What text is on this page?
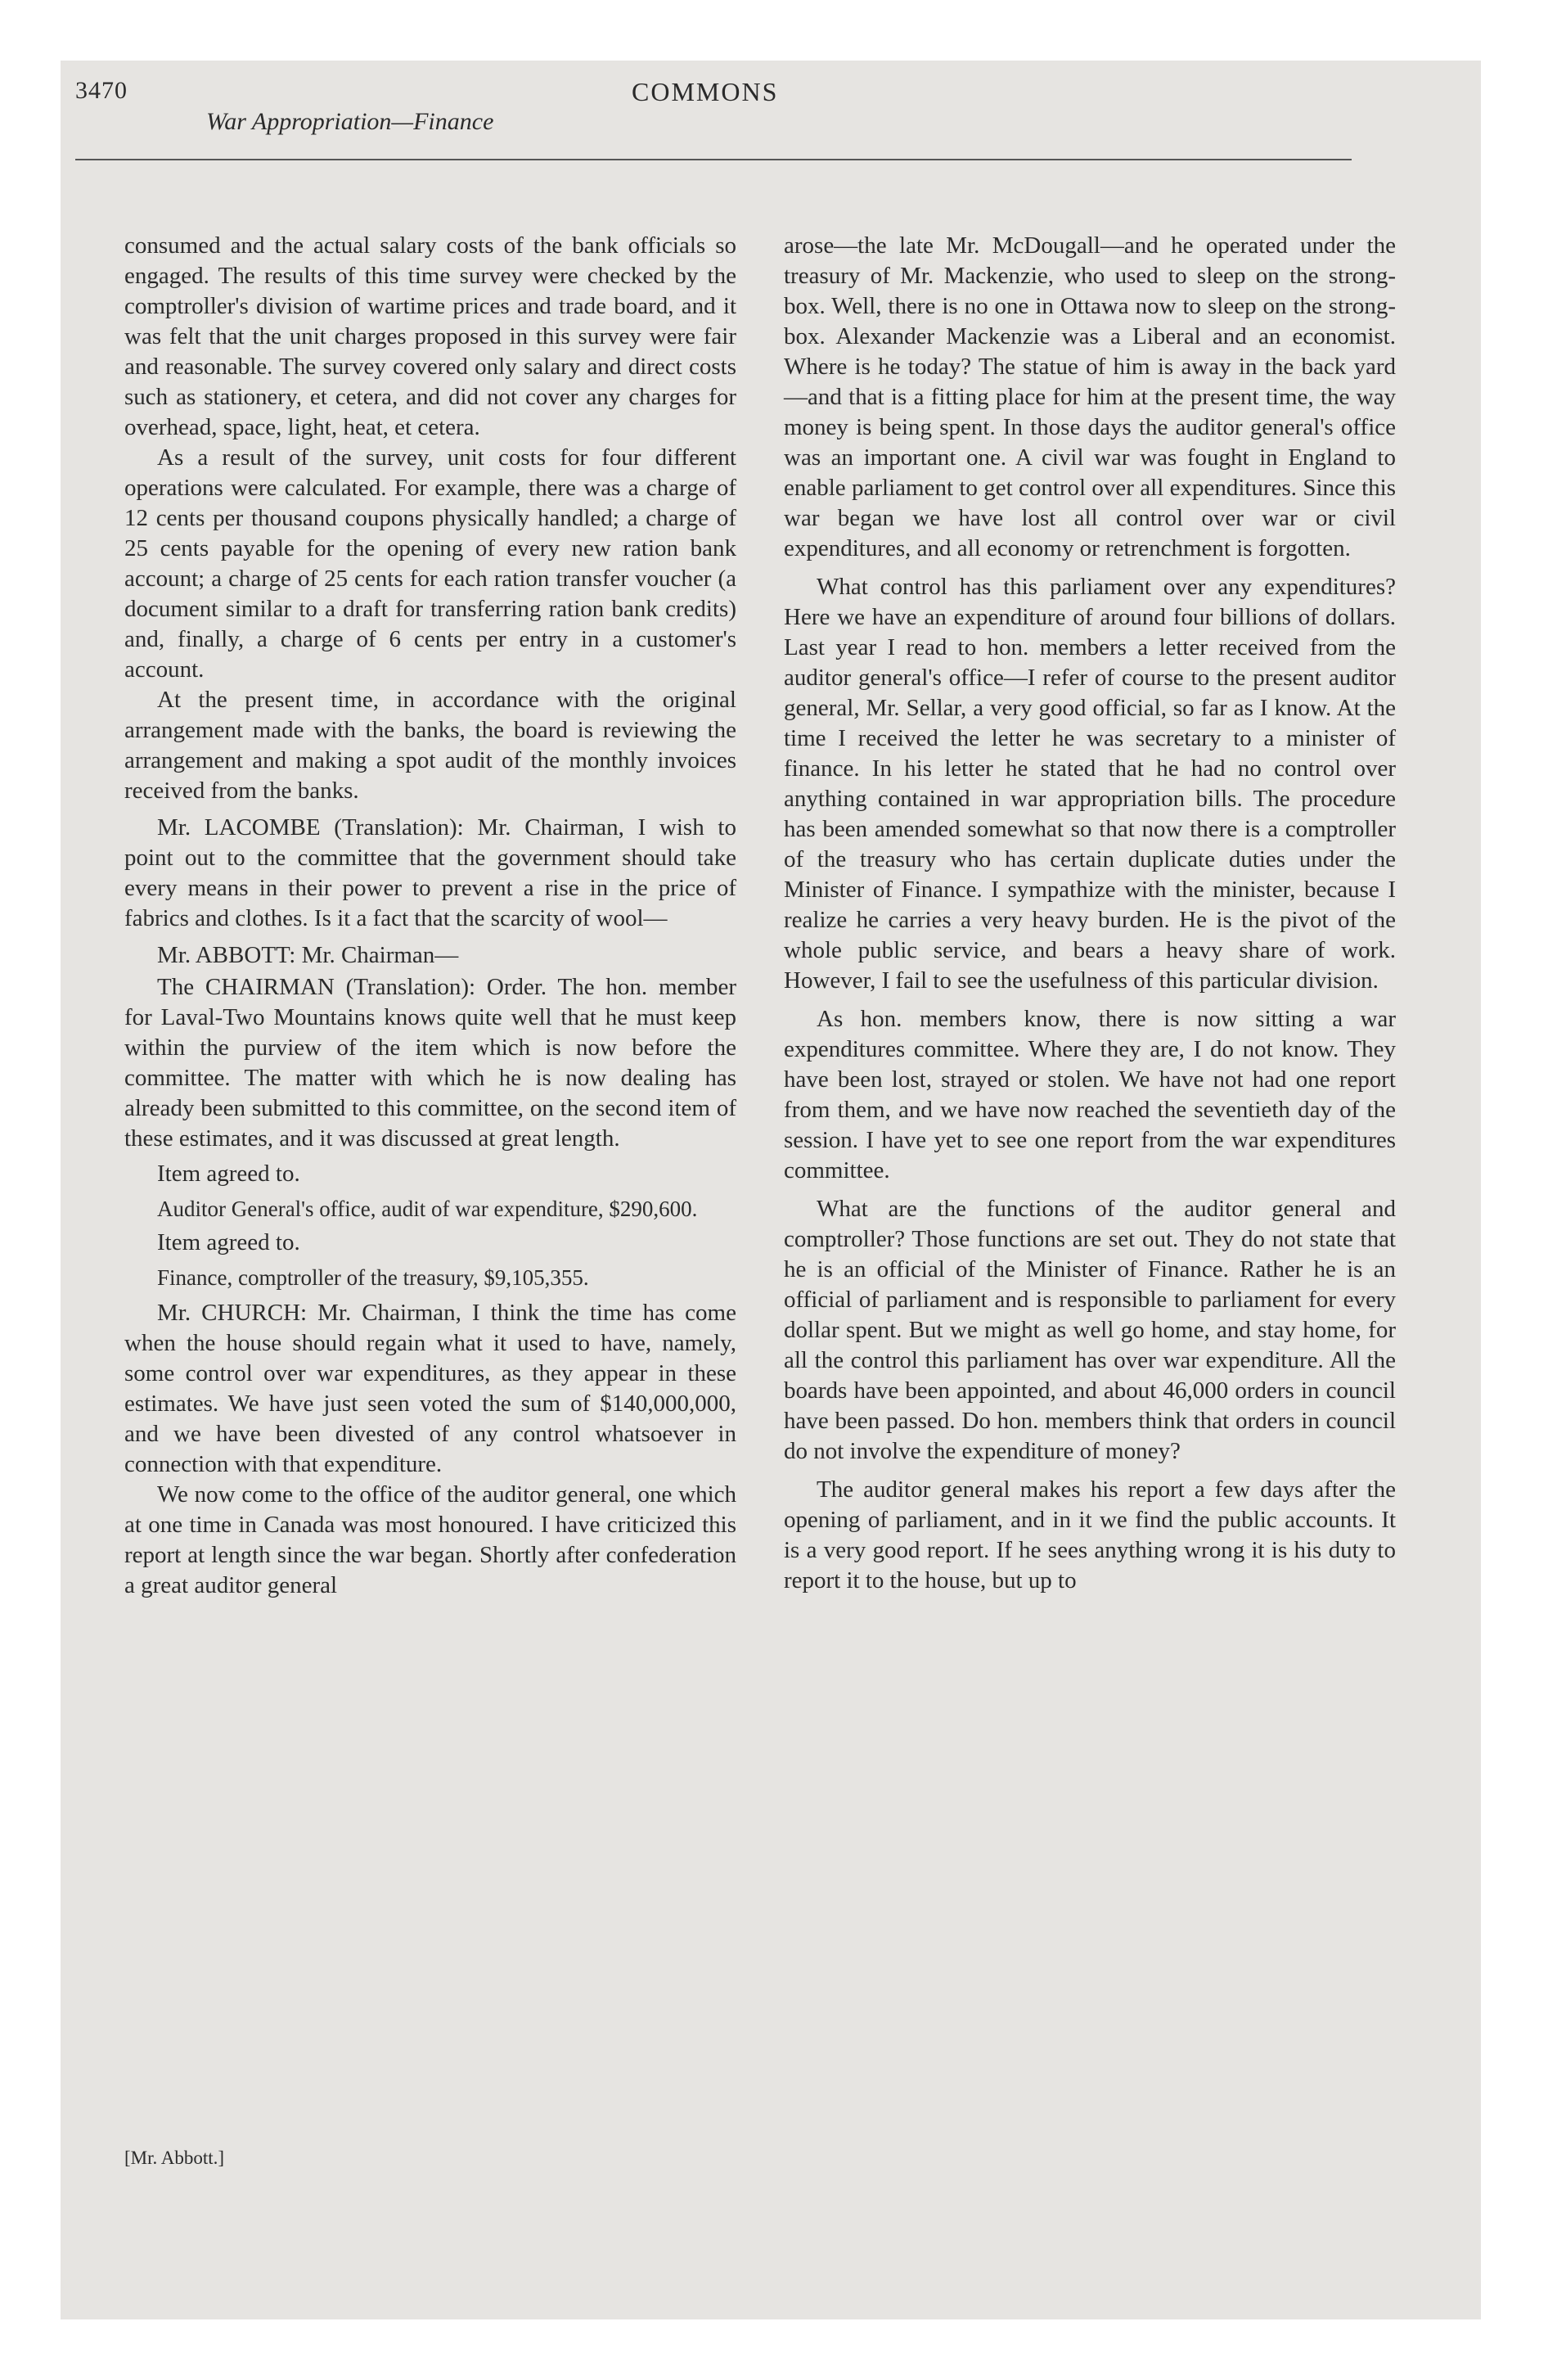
3470	COMMONS
War Appropriation—Finance

consumed and the actual salary costs of the bank officials so engaged. The results of this time survey were checked by the comptroller's division of wartime prices and trade board, and it was felt that the unit charges proposed in this survey were fair and reasonable. The survey covered only salary and direct costs such as stationery, et cetera, and did not cover any charges for overhead, space, light, heat, et cetera.

As a result of the survey, unit costs for four different operations were calculated. For example, there was a charge of 12 cents per thousand coupons physically handled; a charge of 25 cents payable for the opening of every new ration bank account; a charge of 25 cents for each ration transfer voucher (a document similar to a draft for transferring ration bank credits) and, finally, a charge of 6 cents per entry in a customer's account.

At the present time, in accordance with the original arrangement made with the banks, the board is reviewing the arrangement and making a spot audit of the monthly invoices received from the banks.

Mr. LACOMBE (Translation): Mr. Chairman, I wish to point out to the committee that the government should take every means in their power to prevent a rise in the price of fabrics and clothes. Is it a fact that the scarcity of wool—

Mr. ABBOTT: Mr. Chairman—

The CHAIRMAN (Translation): Order. The hon. member for Laval-Two Mountains knows quite well that he must keep within the purview of the item which is now before the committee. The matter with which he is now dealing has already been submitted to this committee, on the second item of these estimates, and it was discussed at great length.

Item agreed to.

Auditor General's office, audit of war expenditure, $290,600.

Item agreed to.

Finance, comptroller of the treasury, $9,105,355.

Mr. CHURCH: Mr. Chairman, I think the time has come when the house should regain what it used to have, namely, some control over war expenditures, as they appear in these estimates. We have just seen voted the sum of $140,000,000, and we have been divested of any control whatsoever in connection with that expenditure.

We now come to the office of the auditor general, one which at one time in Canada was most honoured. I have criticized this report at length since the war began. Shortly after confederation a great auditor general

arose—the late Mr. McDougall—and he operated under the treasury of Mr. Mackenzie, who used to sleep on the strong-box. Well, there is no one in Ottawa now to sleep on the strong-box. Alexander Mackenzie was a Liberal and an economist. Where is he today? The statue of him is away in the back yard—and that is a fitting place for him at the present time, the way money is being spent. In those days the auditor general's office was an important one. A civil war was fought in England to enable parliament to get control over all expenditures. Since this war began we have lost all control over war or civil expenditures, and all economy or retrenchment is forgotten.

What control has this parliament over any expenditures? Here we have an expenditure of around four billions of dollars. Last year I read to hon. members a letter received from the auditor general's office—I refer of course to the present auditor general, Mr. Sellar, a very good official, so far as I know. At the time I received the letter he was secretary to a minister of finance. In his letter he stated that he had no control over anything contained in war appropriation bills. The procedure has been amended somewhat so that now there is a comptroller of the treasury who has certain duplicate duties under the Minister of Finance. I sympathize with the minister, because I realize he carries a very heavy burden. He is the pivot of the whole public service, and bears a heavy share of work. However, I fail to see the usefulness of this particular division.

As hon. members know, there is now sitting a war expenditures committee. Where they are, I do not know. They have been lost, strayed or stolen. We have not had one report from them, and we have now reached the seventieth day of the session. I have yet to see one report from the war expenditures committee.

What are the functions of the auditor general and comptroller? Those functions are set out. They do not state that he is an official of the Minister of Finance. Rather he is an official of parliament and is responsible to parliament for every dollar spent. But we might as well go home, and stay home, for all the control this parliament has over war expenditure. All the boards have been appointed, and about 46,000 orders in council have been passed. Do hon. members think that orders in council do not involve the expenditure of money?

The auditor general makes his report a few days after the opening of parliament, and in it we find the public accounts. It is a very good report. If he sees anything wrong it is his duty to report it to the house, but up to

[Mr. Abbott.]
